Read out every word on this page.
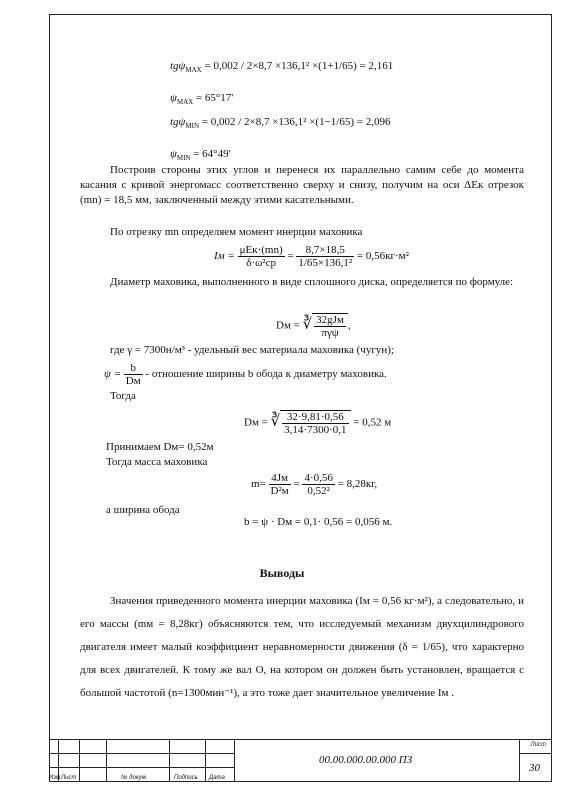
tgψ$_{MAX}$ = 0,002 / 2×8,7 ×136,1² ×(1+1/65) = 2,161
$\psi_{MAX} = 65^\circ 17'$
tgψ$_{MIN}$ = 0,002 / 2×8,7 ×136,1² ×(1−1/65) = 2,096
$\psi_{MIN} = 64^\circ 49'$
Построив стороны этих углов и перенеся их параллельно самим себе до момента касания с кривой энергомасс соответственно сверху и снизу, получим на оси ΔEк отрезок (mn) = 18,5 мм, заключенный между этими касательными.
По отрезку mn определяем момент инерции маховика
Iм = $\frac{\text{μEк·(mn)}}{\text{δ·ω²ср}} = \frac{8,7\times 18,5}{\text{1/65×136,1²}} = 0,56кг\cdot м^2$
Диаметр маховика, выполненного в виде сплошного диска, определяется по формуле:
Dм = ∛ $\frac{\text{32gJм}}{\text{πγψ}}$ ,
где γ = 7300н/м³ - удельный вес материала маховика (чугун);
$\psi = \frac{b}{Dм}$ - отношение ширины b обода к диаметру маховика.
Тогда
Dм = ∛ $\frac{32\cdot 9,81\cdot 0,56}{3,14\cdot 7300\cdot 0,1} = 0,52$ м
Принимаем Dм= 0,52м
Тогда масса маховика
$m= \frac{4Jм}{\text{D²м}} = \frac{4\cdot 0,56}{\text{0,52²}} = 8,28кг$,
а ширина обода
b = ψ · Dм = 0,1· 0,56 = 0,056 м.
Выводы
Значения приведенного момента инерции маховика (Iм = 0,56 кг·м²), а следовательно, и его массы (mм = 8,28кг) объясняются тем, что исследуемый механизм двухцилиндрового двигателя имеет малый коэффициент неравномерности движения (δ = 1/65), что характерно для всех двигателей. К тому же вал O, на котором он должен быть установлен, вращается с большой частотой (n=1300мин⁻¹), а это тоже дает значительное увеличение Iм .
Изм. Лист	№ докум.	Подпись Дата
00.00.000.00.000 ПЗ
Лист
30
